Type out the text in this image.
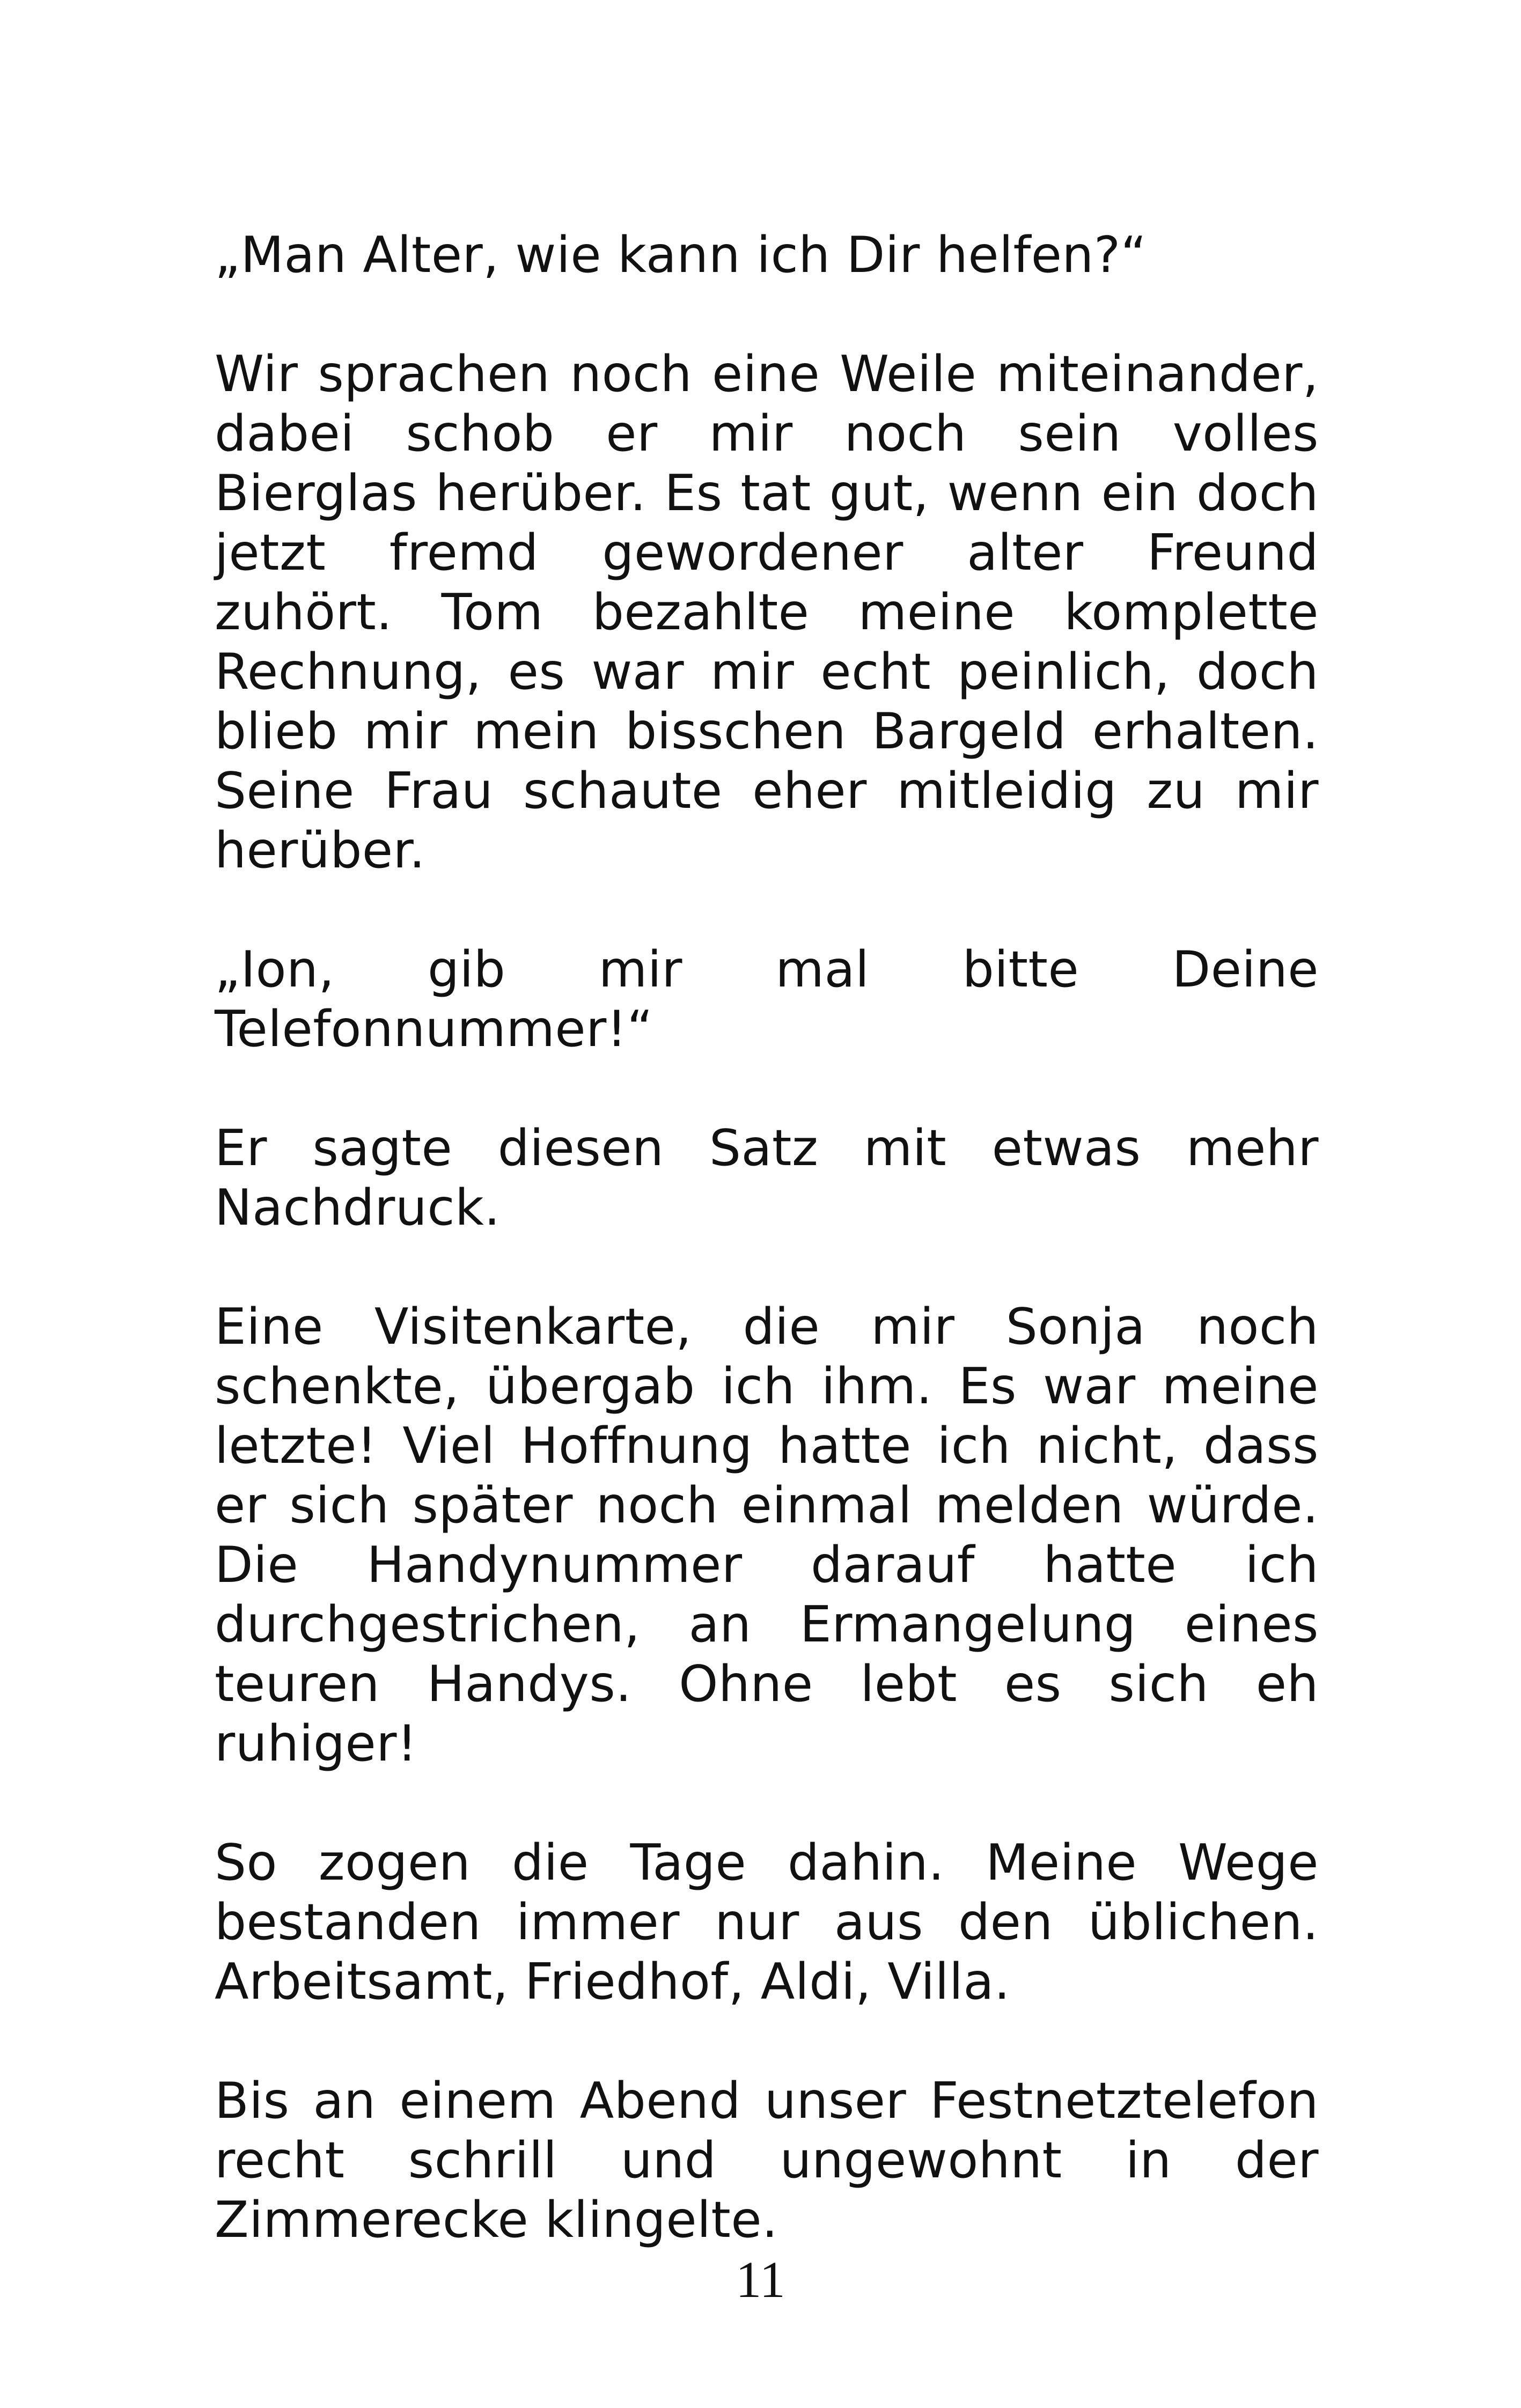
„Man Alter, wie kann ich Dir helfen?“

Wir sprachen noch eine Weile miteinander, dabei schob er mir noch sein volles Bierglas herüber. Es tat gut, wenn ein doch jetzt fremd gewordener alter Freund zuhört. Tom bezahlte meine komplette Rechnung, es war mir echt peinlich, doch blieb mir mein bisschen Bargeld erhalten. Seine Frau schaute eher mitleidig zu mir herüber.

„Ion, gib mir mal bitte Deine Telefonnummer!“

Er sagte diesen Satz mit etwas mehr Nachdruck.

Eine Visitenkarte, die mir Sonja noch schenkte, übergab ich ihm. Es war meine letzte! Viel Hoffnung hatte ich nicht, dass er sich später noch einmal melden würde. Die Handynummer darauf hatte ich durchgestrichen, an Ermangelung eines teuren Handys. Ohne lebt es sich eh ruhiger!

So zogen die Tage dahin. Meine Wege bestanden immer nur aus den üblichen. Arbeitsamt, Friedhof, Aldi, Villa.

Bis an einem Abend unser Festnetztelefon recht schrill und ungewohnt in der Zimmerecke klingelte.

11
